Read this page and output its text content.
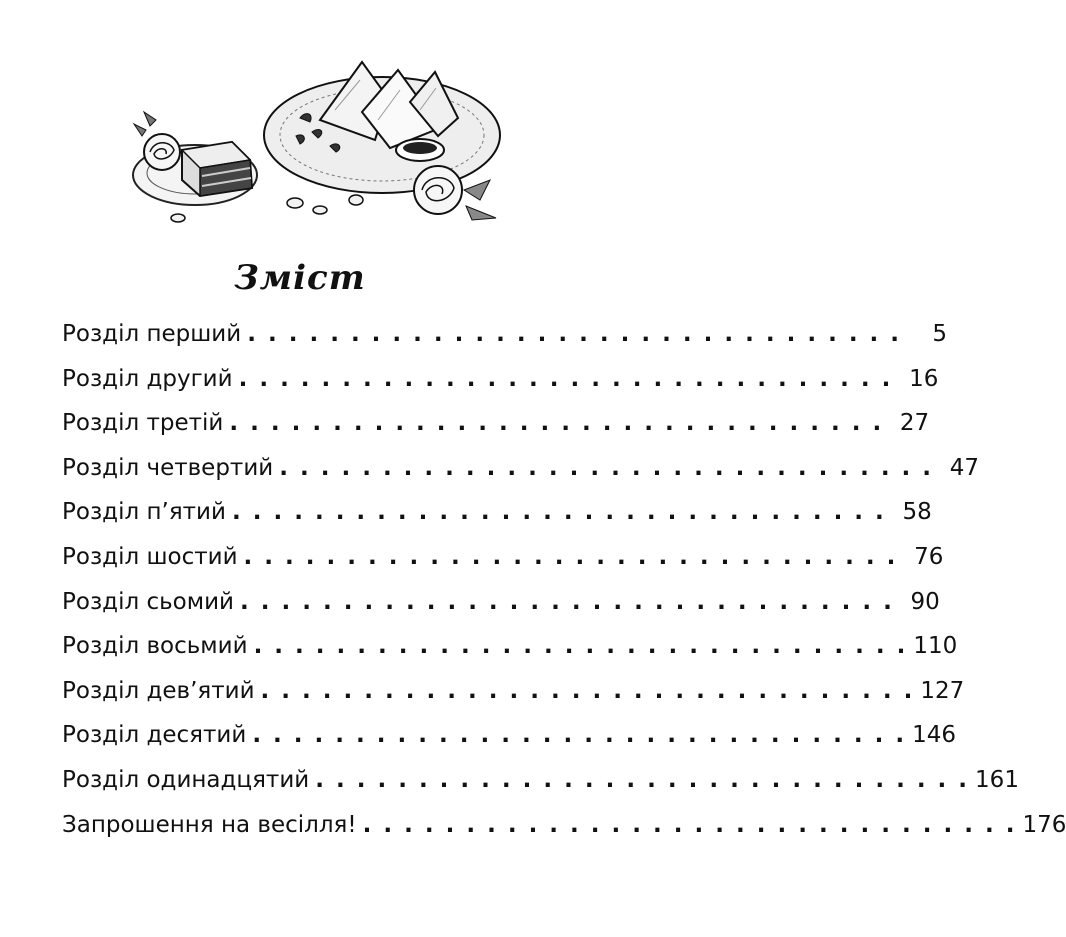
Зміст
Розділ перший . . . . . . . . . . . . . . . . . . . . . . . . . . . . . . . .	5
Розділ другий . . . . . . . . . . . . . . . . . . . . . . . . . . . . . . . . 16
Розділ третій . . . . . . . . . . . . . . . . . . . . . . . . . . . . . . . . 27
Розділ четвертий . . . . . . . . . . . . . . . . . . . . . . . . . . . . . . . . 47
Розділ п’ятий . . . . . . . . . . . . . . . . . . . . . . . . . . . . . . . . 58
Розділ шостий . . . . . . . . . . . . . . . . . . . . . . . . . . . . . . . . 76
Розділ сьомий . . . . . . . . . . . . . . . . . . . . . . . . . . . . . . . . 90
Розділ восьмий . . . . . . . . . . . . . . . . . . . . . . . . . . . . . . . . 110
Розділ дев’ятий . . . . . . . . . . . . . . . . . . . . . . . . . . . . . . . . 127
Розділ десятий . . . . . . . . . . . . . . . . . . . . . . . . . . . . . . . . 146
Розділ одинадцятий . . . . . . . . . . . . . . . . . . . . . . . . . . . . . . . . 161
Запрошення на весілля! . . . . . . . . . . . . . . . . . . . . . . . . . . . . . . . . 176
